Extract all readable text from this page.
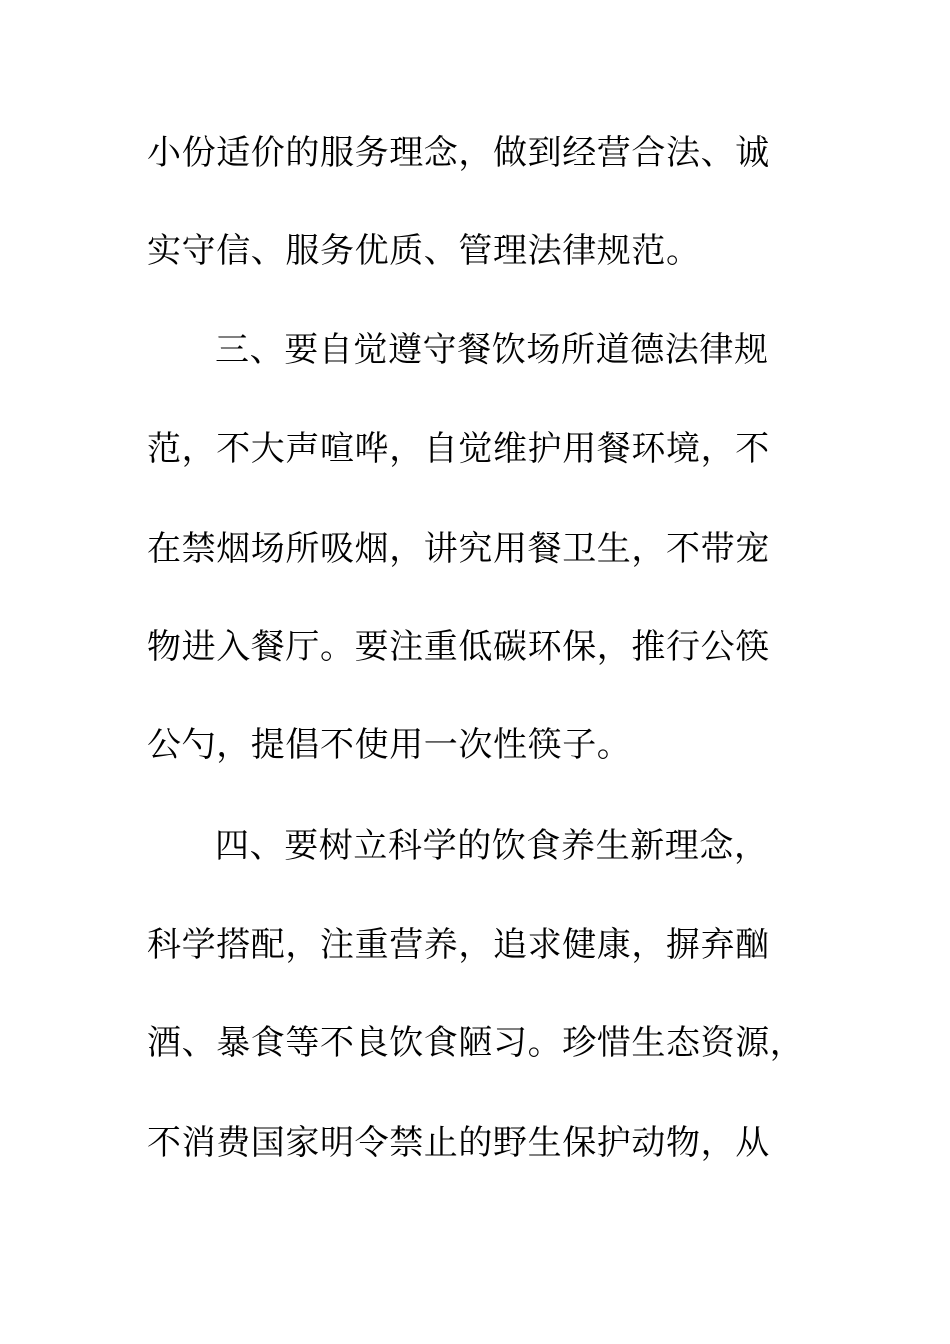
小份适价的服务理念，做到经营合法、诚
实守信、服务优质、管理法律规范。
三、要自觉遵守餐饮场所道德法律规
范，不大声喧哗，自觉维护用餐环境，不
在禁烟场所吸烟，讲究用餐卫生，不带宠
物进入餐厅。要注重低碳环保，推行公筷
公勺，提倡不使用一次性筷子。
四、要树立科学的饮食养生新理念，
科学搭配，注重营养，追求健康，摒弃酗
酒、暴食等不良饮食陋习。珍惜生态资源，
不消费国家明令禁止的野生保护动物，从
